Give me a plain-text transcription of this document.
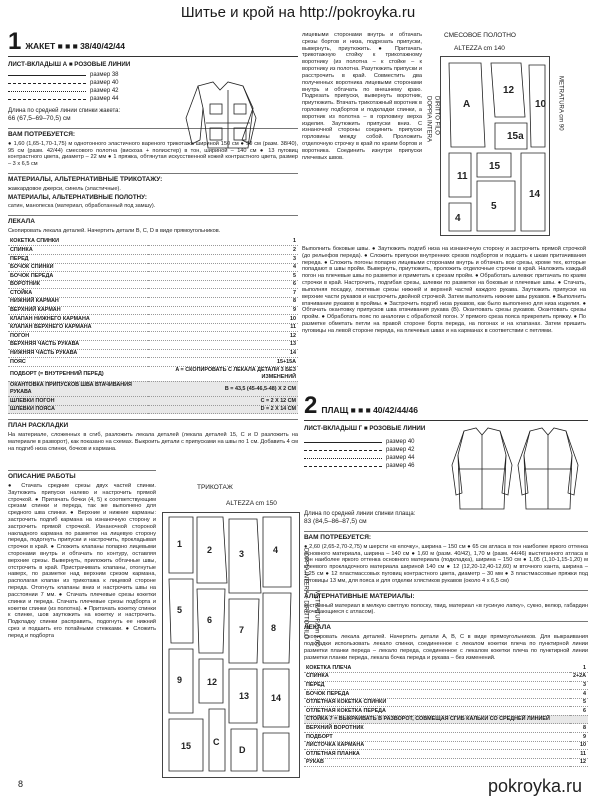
Шитье и крой на http://pokroyka.ru
1 ЖАКЕТ ■ ■ ■ 38/40/42/44
ЛИСТ-ВКЛАДЫШ А ■ РОЗОВЫЕ ЛИНИИ
размер 38
размер 40
размер 42
размер 44
Длина по средней линии спинки жакета:
66 (67,5–69–70,5) см
ВАМ ПОТРЕБУЕТСЯ:

● 1,60 (1,65-1,70-1,75) м однотонного эластичного вареного трикотажа шириной 150 см ● 90 см (разм. 38/40), 95 см (разм. 42/44) смесового полотна (вискоза + полиэстер) в тон, шириной – 140 см ● 13 пуговиц контрастного цвета, диаметр – 22 мм ● 1 пряжка, обтянутая искусственной кожей контрастного цвета, размер – 3 х 6,5 см

МАТЕРИАЛЫ, АЛЬТЕРНАТИВНЫЕ ТРИКОТАЖУ:

жаккардовое джерси, синель (эластичные).

МАТЕРИАЛЫ, АЛЬТЕРНАТИВНЫЕ ПОЛОТНУ:

сатин, манопеска (материал, обработанный под замшу).

ЛЕКАЛА

Скопировать лекала деталей. Начертить детали B, C, D в виде прямоугольников.

КОКЕТКА СПИНКИ	1
СПИНКА	2
ПЕРЕД	3
БОЧОК СПИНКИ	4
БОЧОК ПЕРЕДА	5
ВОРОТНИК	6
СТОЙКА	7
НИЖНИЙ КАРМАН	8
ВЕРХНИЙ КАРМАН	9
КЛАПАН НИЖНЕГО КАРМАНА	10
КЛАПАН ВЕРХНЕГО КАРМАНА	11
ПОГОН	12
ВЕРХНЯЯ ЧАСТЬ РУКАВА	13
НИЖНЯЯ ЧАСТЬ РУКАВА	14
ПОЯС	15+15А
ПОДБОРТ (= ВНУТРЕННИЙ ПЕРЕД)	A = СКОПИРОВАТЬ С ЛЕКАЛА ДЕТАЛИ 3 БЕЗ ИЗМЕНЕНИЙ
ОКАНТОВКА ПРИПУСКОВ ШВА ВТАЧИВАНИЯ РУКАВА	B = 43,5 (45-46,5-48) X 2 СМ
ШЛЕВКИ ПОГОН	C = 2 X 12 СМ
ШЛЕВКИ ПОЯСА	D = 2 X 14 СМ
ПЛАН РАСКЛАДКИ

На материале, сложенных в сгиб, разложить лекала деталей (лекала деталей 15, C и D разложить на материале в разворот), как показано на схемах. Выкроить детали с припусками на швы по 1 см. Добавить 4 см на подгиб низа спинки, бочков и кармана.

ОПИСАНИЕ РАБОТЫ

● Стачать средние срезы двух частей спинки. Заутюжить припуски налево и настрочить прямой строчкой. ● Притачать бочки (4, 5) к соответствующим срезам спинки и переда, так же выполнено для средного шва спинки. ● Верхние и нижние карманы: застрочить подгиб кармана на изнаночную сторону и застрочить прямой строчкой. Изнаночной стороной накладного кармана по разметке на лицевую сторону переда, подогнуть припуски и настрочить, прокладывая строчки в край. ● Сложить клапаны попарно лицевыми сторонами внутрь и обтачать по контуру, оставляя верхние срезы. Вывернуть, приложить обтачные швы, отстрочить в край. Пристрачивать клапаны, отогнутые наверх, по разметке над верхним срезом кармана, располагая клапан из трикотажа к лицевой стороне переда. Отогнуть клапаны вниз и настрочить швы на расстоянии 7 мм. ● Стачать плечевые срезы кокетки спинки и переда. Стачать плечевые срезы подборта и кокетки спинки (из полотна). ● Притачать кокетку спинки к спинке, шов заутюжить на кокетку и настрочить. Подкладку спинки расправить, подогнуть ее нижний срез и подшить его потайными стежками. ● Сложить перед и подборта

ТРИКОТАЖ
ALTEZZA cm 150
1
2	3	4
5
6
7	8
9	12
13 14
15 C
D
DOPPIA INTERA – DIRITTO FILO METRATURA m 1,60

лицевыми сторонами внутрь и обтачать срезы бортов и низа, подрезать припуски, вывернуть, приутюжить. ● Притачать трикотажную стойку к трикотажному воротнику (из полотна – к стойке – к воротнику из полотна. Разутюжить припуски и расстрочить в край. Совместить два полученных воротника лицевыми сторонами внутрь и обтачать по внешнему краю. Подрезать припуски, вывернуть воротник, приутюжить. Втачать трикотажный воротник в горловину подбортов и подкладки спинки, а воротник из полотна – в горловину верха изделия. Заутюжить припуски вниз. С изнаночной стороны соединить припуски горловины между собой. Проложить отделочную строчку в край по краям бортов и воротника. Соединить изнутри припуски плечевых швов.

СМЕСОВОЕ ПОЛОТНО
ALTEZZA cm 140
A
12
10
11
15
15a
5
4
14
DOPPIA INTERA DIRITTO FILO	METRATURA cm 90

Выполнить боковые швы. ● Заутюжить подгиб низа на изнаночную сторону и застрочить прямой строчкой (до рельефов переда). ● Сложить припуски внутренних срезов подбортов и подшить к шкам притачивания переда. ● Сложить погоны попарно лицевыми сторонами внутрь и обтачать все срезы, кроме тех, которые попадают в швы пройм. Вывернуть, приутюжить, проложить отделочные строчки в край. Наложить каждый погон на плечевые швы по разметке и приметать к срезам пройм. ● Обработать шлевки: притачать по краям строчки в край. Настрочить, подгибая срезы, шлевки по разметке на боковые и плечевые швы. ● Стачать, выполняя посадку, локтевые срезы нижней и верхней частей каждого рукава. Заутюжить припуски на верхние части рукавов и настрочить двойной строчкой. Затем выполнить нижние швы рукавов. ● Выполнить втачивание рукавов в проймы. ● Застрочить подгиб низа рукавов, как было выполнено для низа изделия. ● Обтачать окантовку припусков шва втачивания рукава (B). Окантовать срезы рукавов. Окантовать срезы пройм. ● Обработать пояс по аналогии с обработкой погон. У прямого среза пояса прикрепить пряжку. ● По разметке обметать петли на правой стороне борта переда, на погонах и на клапанах. Затем пришить пуговицы на левой стороне переда, на плечевых швах и на карманах в соответствии с петлями.

2 ПЛАЩ ■ ■ ■ 40/42/44/46
ЛИСТ-ВКЛАДЫШ Г ■ РОЗОВЫЕ ЛИНИИ
размер 40
размер 42
размер 44
размер 46
Длина по средней линии спинки плаща:
83 (84,5–86–87,5) см
ВАМ ПОТРЕБУЕТСЯ:

● 2,60 (2,65-2,70-2,75) м шерсти «в елочку», ширина – 150 см ● 65 см атласа в тон наиболее яркого оттенка основного материала, ширина – 140 см ● 1,60 м (разм. 40/42), 1,70 м (разм. 44/46) выстеганного атласа в тон наиболее яркого оттенка основного материала (подкладка), ширина – 150 см ● 1,05 (1,10-1,15-1,20) м клеевого прокладочного материала шириной 140 см ● 12 (12,20-12,40-12,60) м вточного канта, ширина – 1,25 см ● 12 пластмассовых пуговиц контрастного цвета, диаметр – 30 мм ● 3 пластмассовые пряжки под пуговицы 13 мм, для пояса и для отделки хлястиков рукавов (около 4 х 6,5 см)

АЛЬТЕРНАТИВНЫЕ МАТЕРИАЛЫ:

костюмный материал в мелкую светлую полоску, твид, материал «в гусиную лапку», сукно, велюр, габардин (сочетающиеся с атласом).

ЛЕКАЛА

Скопировать лекала деталей. Начертить детали A, B, C в виде прямоугольников. Для выкраивания подкладки использовать лекало спинки, соединенное с лекалом кокетки плеча по пунктирной линии разметки планки переда – лекало переда, соединенное с лекалом кокетки плеча по пунктирной линии разметки планки переда, лекала бочка переда и рукава – без изменений.

КОКЕТКА ПЛЕЧА	1
СПИНКА	2+2А
ПЕРЕД	3
БОЧОК ПЕРЕДА	4
ОТЛЕТНАЯ КОКЕТКА СПИНКИ	5
ОТЛЕТНАЯ КОКЕТКА ПЕРЕДА	6
СТОЙКА 7 = ВЫКРАИВАТЬ В РАЗВОРОТ, СОВМЕЩАЯ СГИБ КАЛЬКИ СО СРЕДНЕЙ ЛИНИЕЙ	
ВЕРХНИЙ ВОРОТНИК	8
ПОДБОРТ	9
ЛИСТОЧКА КАРМАНА	10
ОТЛЕТНАЯ ПЛАНКА	11
РУКАВ	12
8	pokroyka.ru
